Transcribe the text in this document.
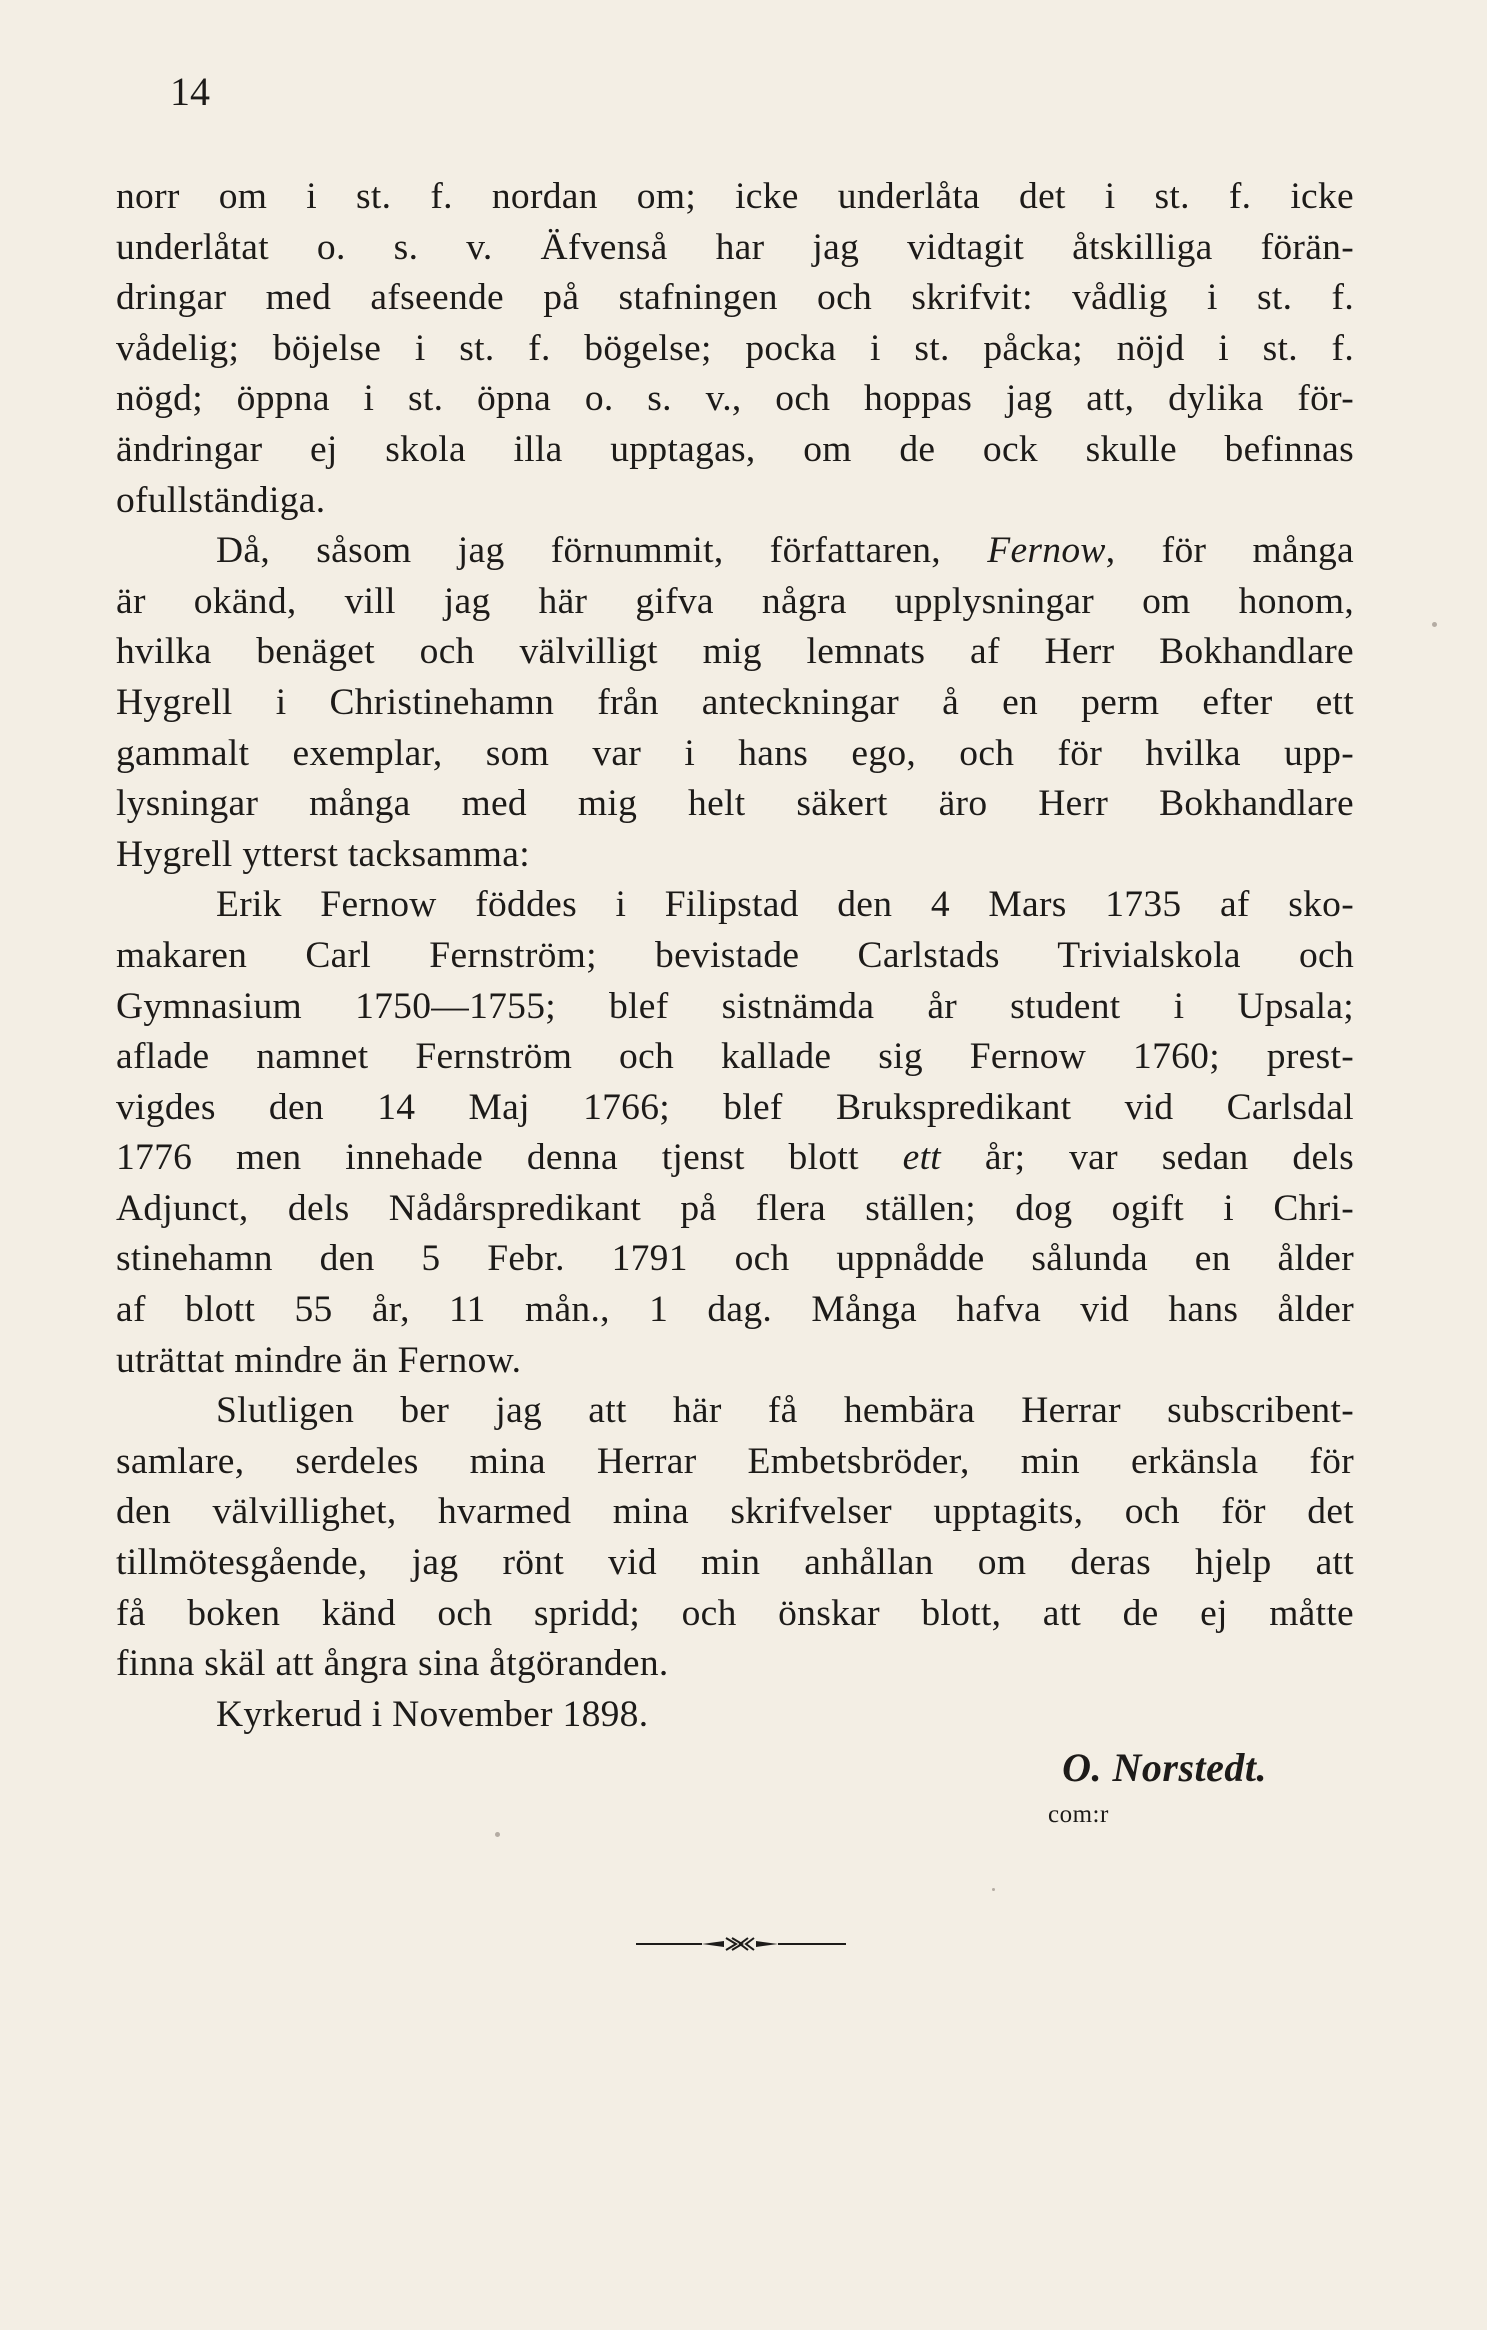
14
norr om i st. f. nordan om; icke underlåta det i st. f. icke
underlåtat o. s. v. Äfvenså har jag vidtagit åtskilliga förän-
dringar med afseende på stafningen och skrifvit: vådlig i st. f.
vådelig; böjelse i st. f. bögelse; pocka i st. påcka; nöjd i st. f.
nögd; öppna i st. öpna o. s. v., och hoppas jag att, dylika för-
ändringar ej skola illa upptagas, om de ock skulle befinnas
ofullständiga.
Då, såsom jag förnummit, författaren, Fernow, för många
är okänd, vill jag här gifva några upplysningar om honom,
hvilka benäget och välvilligt mig lemnats af Herr Bokhandlare
Hygrell i Christinehamn från anteckningar å en perm efter ett
gammalt exemplar, som var i hans ego, och för hvilka upp-
lysningar många med mig helt säkert äro Herr Bokhandlare
Hygrell ytterst tacksamma:
Erik Fernow föddes i Filipstad den 4 Mars 1735 af sko-
makaren Carl Fernström; bevistade Carlstads Trivialskola och
Gymnasium 1750—1755; blef sistnämda år student i Upsala;
aflade namnet Fernström och kallade sig Fernow 1760; prest-
vigdes den 14 Maj 1766; blef Brukspredikant vid Carlsdal
1776 men innehade denna tjenst blott ett år; var sedan dels
Adjunct, dels Nådårspredikant på flera ställen; dog ogift i Chri-
stinehamn den 5 Febr. 1791 och uppnådde sålunda en ålder
af blott 55 år, 11 mån., 1 dag. Många hafva vid hans ålder
uträttat mindre än Fernow.
Slutligen ber jag att här få hembära Herrar subscribent-
samlare, serdeles mina Herrar Embetsbröder, min erkänsla för
den välvillighet, hvarmed mina skrifvelser upptagits, och för det
tillmötesgående, jag rönt vid min anhållan om deras hjelp att
få boken känd och spridd; och önskar blott, att de ej måtte
finna skäl att ångra sina åtgöranden.
Kyrkerud i November 1898.
O. Norstedt.
com:r
